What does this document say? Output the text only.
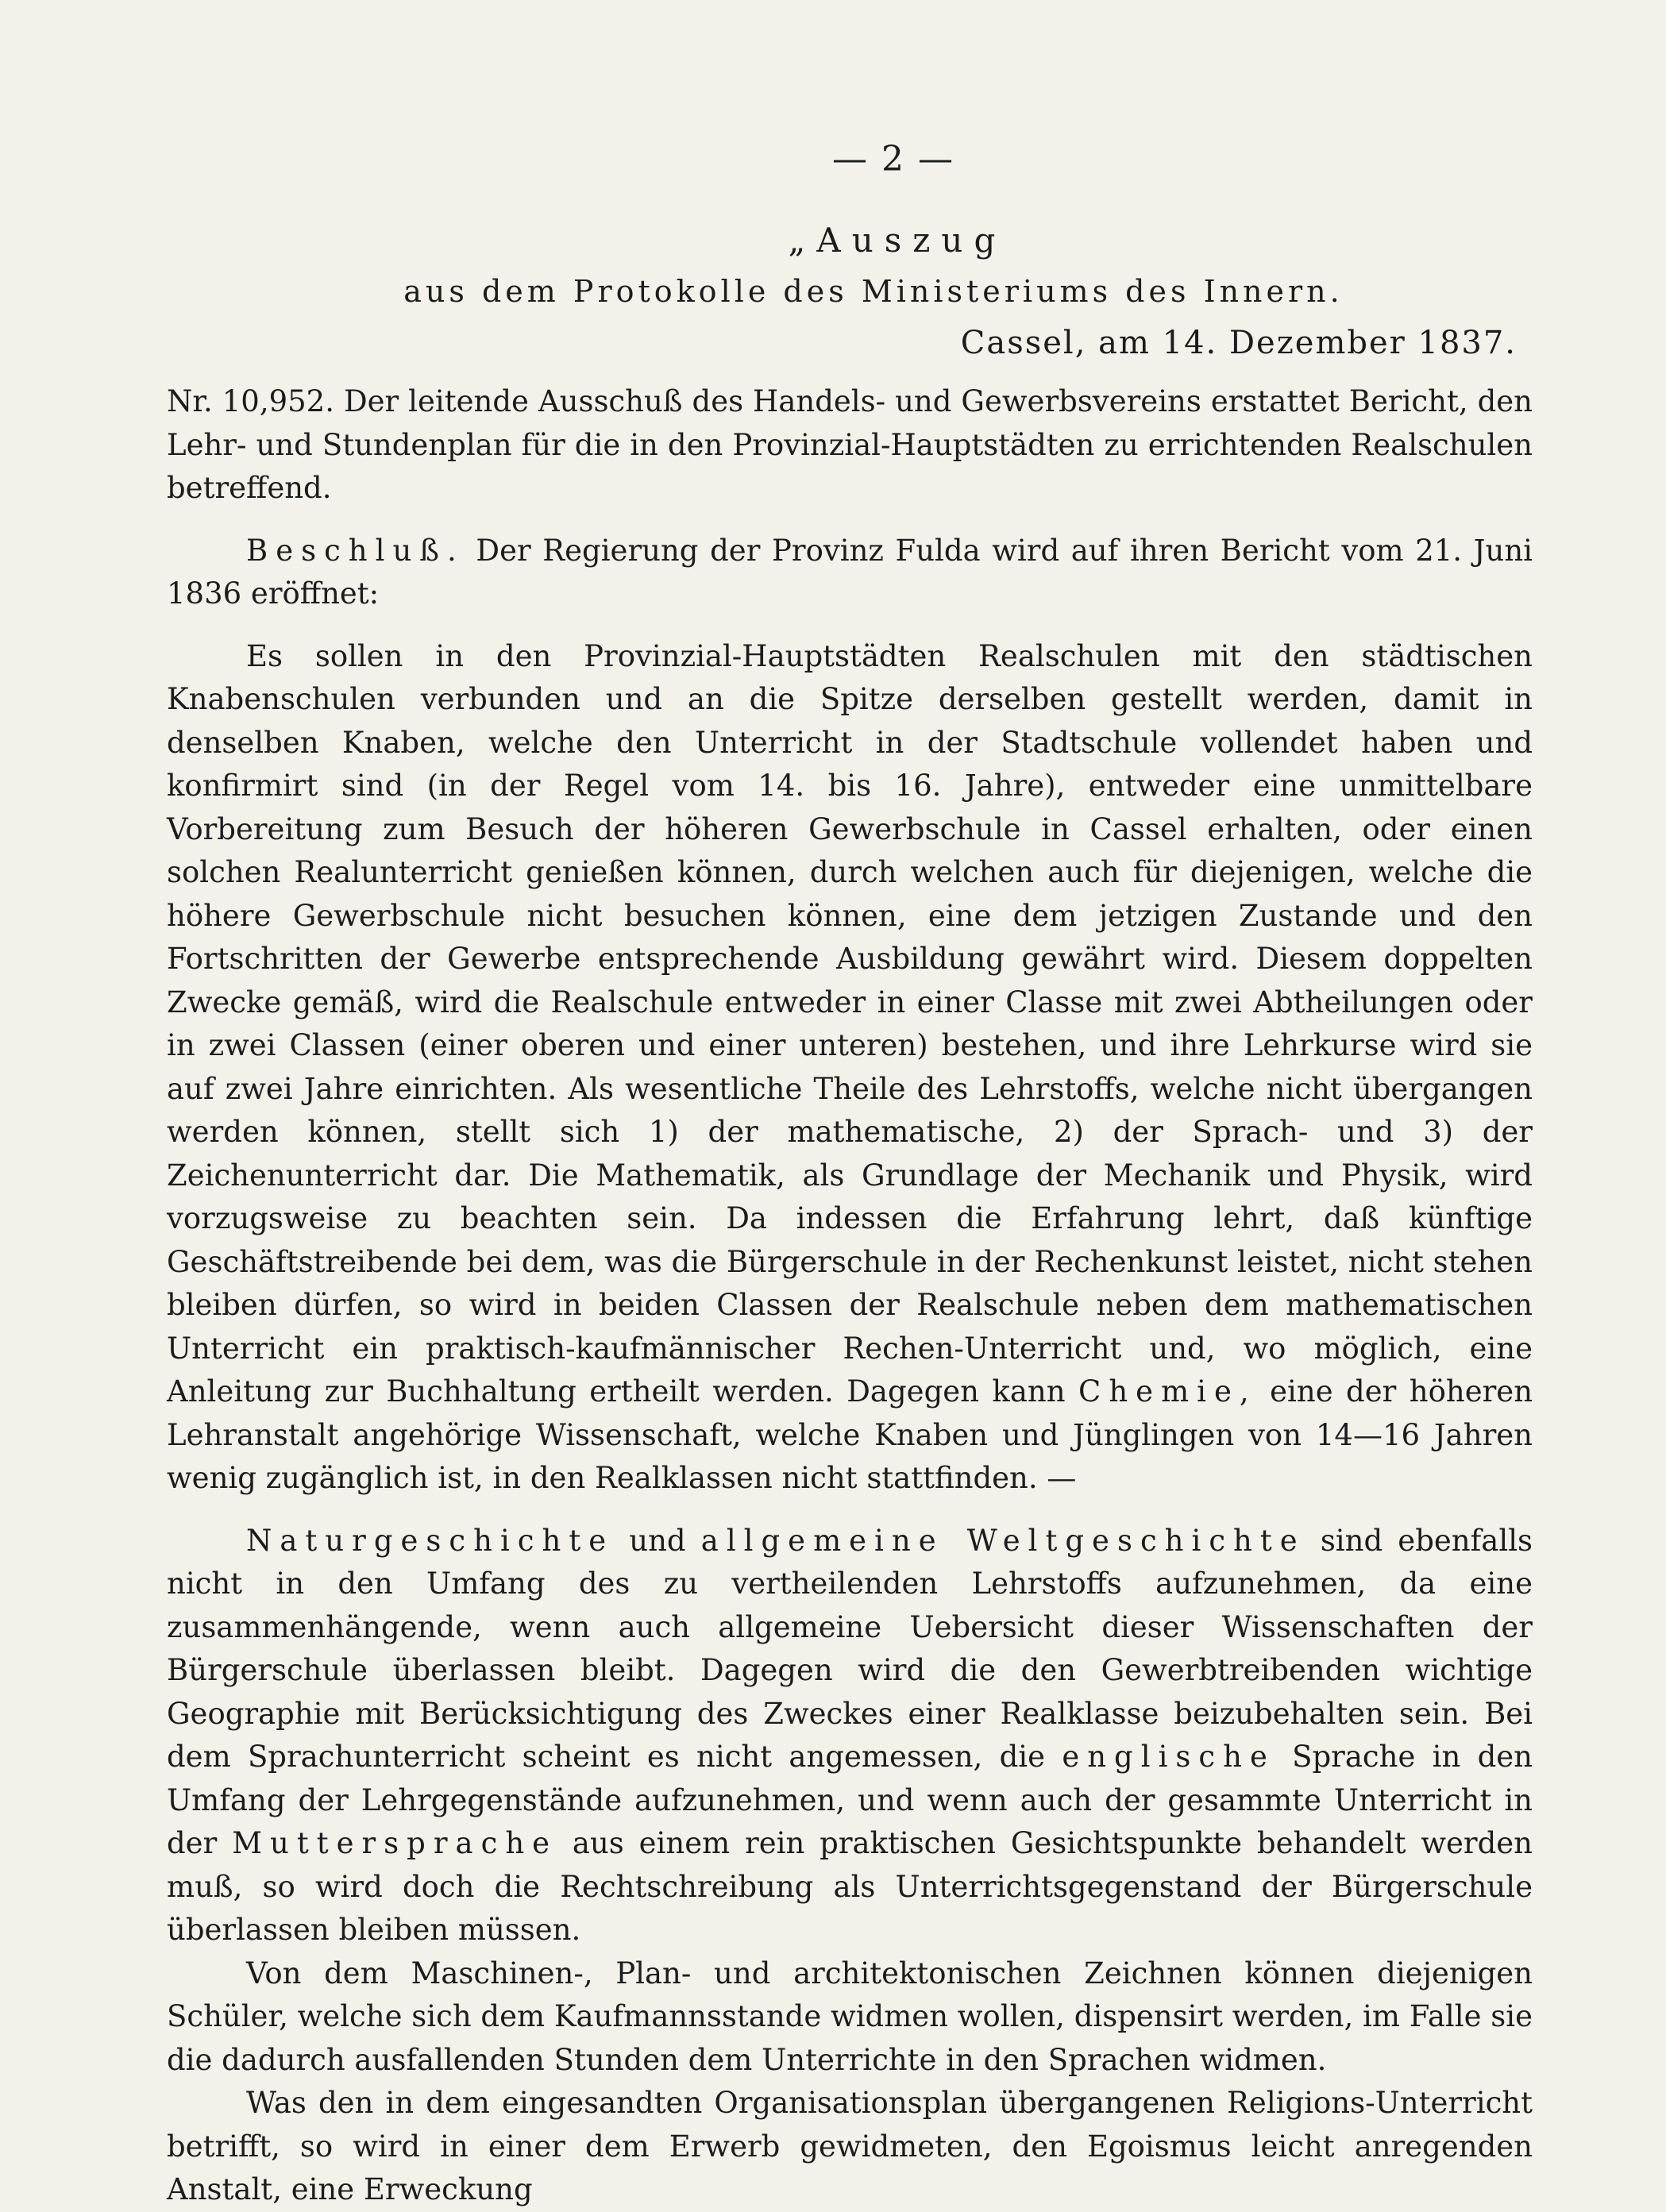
— 2 —
„Auszug
aus dem Protokolle des Ministeriums des Innern.
Cassel, am 14. Dezember 1837.

Nr. 10,952. Der leitende Ausschuß des Handels- und Gewerbsvereins erstattet Bericht, den Lehr- und Stundenplan für die in den Provinzial-Hauptstädten zu errichtenden Realschulen betreffend.

Beschluß. Der Regierung der Provinz Fulda wird auf ihren Bericht vom 21. Juni 1836 eröffnet:

Es sollen in den Provinzial-Hauptstädten Realschulen mit den städtischen Knabenschulen verbunden und an die Spitze derselben gestellt werden, damit in denselben Knaben, welche den Unterricht in der Stadtschule vollendet haben und konfirmirt sind (in der Regel vom 14. bis 16. Jahre), entweder eine unmittelbare Vorbereitung zum Besuch der höheren Gewerbschule in Cassel erhalten, oder einen solchen Realunterricht genießen können, durch welchen auch für diejenigen, welche die höhere Gewerbschule nicht besuchen können, eine dem jetzigen Zustande und den Fortschritten der Gewerbe entsprechende Ausbildung gewährt wird. Diesem doppelten Zwecke gemäß, wird die Realschule entweder in einer Classe mit zwei Abtheilungen oder in zwei Classen (einer oberen und einer unteren) bestehen, und ihre Lehrkurse wird sie auf zwei Jahre einrichten. Als wesentliche Theile des Lehrstoffs, welche nicht übergangen werden können, stellt sich 1) der mathematische, 2) der Sprach- und 3) der Zeichenunterricht dar. Die Mathematik, als Grundlage der Mechanik und Physik, wird vorzugsweise zu beachten sein. Da indessen die Erfahrung lehrt, daß künftige Geschäftstreibende bei dem, was die Bürgerschule in der Rechenkunst leistet, nicht stehen bleiben dürfen, so wird in beiden Classen der Realschule neben dem mathematischen Unterricht ein praktisch-kaufmännischer Rechen-Unterricht und, wo möglich, eine Anleitung zur Buchhaltung ertheilt werden. Dagegen kann Chemie, eine der höheren Lehranstalt angehörige Wissenschaft, welche Knaben und Jünglingen von 14—16 Jahren wenig zugänglich ist, in den Realklassen nicht stattfinden. —

Naturgeschichte und allgemeine Weltgeschichte sind ebenfalls nicht in den Umfang des zu vertheilenden Lehrstoffs aufzunehmen, da eine zusammenhängende, wenn auch allgemeine Uebersicht dieser Wissenschaften der Bürgerschule überlassen bleibt. Dagegen wird die den Gewerbtreibenden wichtige Geographie mit Berücksichtigung des Zweckes einer Realklasse beizubehalten sein. Bei dem Sprachunterricht scheint es nicht angemessen, die englische Sprache in den Umfang der Lehrgegenstände aufzunehmen, und wenn auch der gesammte Unterricht in der Muttersprache aus einem rein praktischen Gesichtspunkte behandelt werden muß, so wird doch die Rechtschreibung als Unterrichtsgegenstand der Bürgerschule überlassen bleiben müssen.

Von dem Maschinen-, Plan- und architektonischen Zeichnen können diejenigen Schüler, welche sich dem Kaufmannsstande widmen wollen, dispensirt werden, im Falle sie die dadurch ausfallenden Stunden dem Unterrichte in den Sprachen widmen.

Was den in dem eingesandten Organisationsplan übergangenen Religions-Unterricht betrifft, so wird in einer dem Erwerb gewidmeten, den Egoismus leicht anregenden Anstalt, eine Erweckung
